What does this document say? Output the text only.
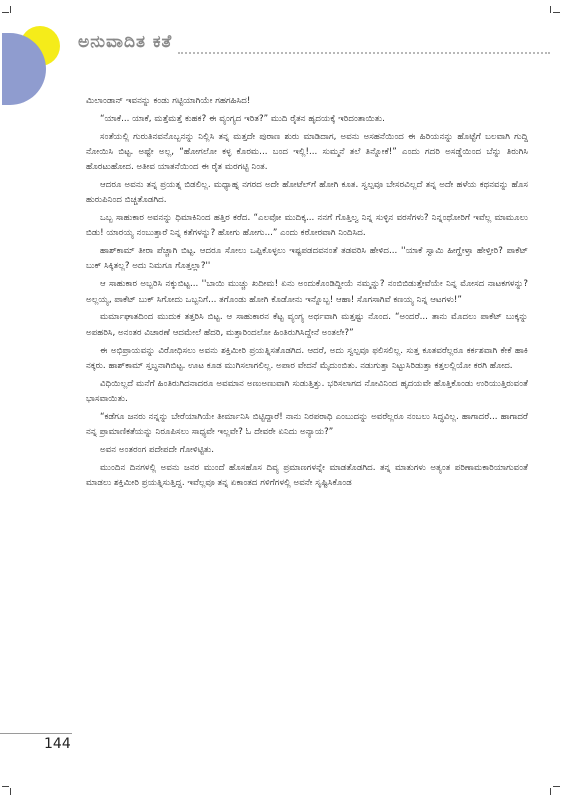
ಅನುವಾದಿತ ಕತೆ

ಮಿಲಾಂಡಾನ್ ಇವನನ್ನು ಕಂಡು ಗಟ್ಟಿಯಾಗಿಯೇ ಗಹಗಹಿಸಿದ!

“ಯಾಕೆ... ಯಾಕೆ, ಮತ್ತೆಮತ್ತೆ ಕುಹಕ? ಈ ವ್ಯಂಗ್ಯದ ಇರಿತ?” ಮುದಿ ರೈತನ ಹೃದಯಕ್ಕೆ ಇರಿದಂತಾಯಿತು.

ಸಂತೆಯಲ್ಲಿ ಗುರುತಿನವನೊಬ್ಬನನ್ನು ನಿಲ್ಲಿಸಿ ತನ್ನ ಮತ್ತದೇ ಪುರಾಣ ಶುರು ಮಾಡಿದಾಗ, ಅವನು ಅಸಹನೆಯಿಂದ ಈ ಹಿರಿಯನನ್ನು ಹೊಟ್ಟೆಗೆ ಬಲವಾಗಿ ಗುದ್ದಿ ನೋಯಿಸಿ ಬಿಟ್ಟ. ಅಷ್ಟೇ ಅಲ್ಲ, “ಹೋಗಲೋ ಕಳ್ಳ ಕೊರಮ... ಬಂದ ಇಲ್ಲಿ!... ಸುಮ್ಮನೆ ತಲೆ ತಿನ್ನೋಕೆ!” ಎಂದು ಗದರಿ ಅಸಡ್ಡೆಯಿಂದ ಬೆನ್ನು ತಿರುಗಿಸಿ ಹೊರಟುಹೋದ. ಅತೀವ ಯಾತನೆಯಿಂದ ಈ ರೈತ ಮರಗಟ್ಟಿ ನಿಂತ.

ಆದರೂ ಅವನು ತನ್ನ ಪ್ರಯತ್ನ ಬಿಡಲಿಲ್ಲ. ಮಧ್ಯಾಹ್ನ ನಗರದ ಅದೇ ಹೋಟೆಲ್‌ಗೆ ಹೋಗಿ ಕೂತ. ಸ್ವಲ್ಪವೂ ಬೇಸರವಿಲ್ಲದೆ ತನ್ನ ಅದೇ ಹಳೆಯ ಕಥನವನ್ನು ಹೊಸ ಹುರುಪಿನಿಂದ ಬಿಚ್ಚತೊಡಗಿದ.

ಒಬ್ಬ ಸಾಹುಕಾರ ಅವನನ್ನು ಧಿಮಾಕಿನಿಂದ ಹತ್ತಿರ ಕರೆದ. “ಎಲವೋ ಮುದಿಕ್ಕ... ನನಗೆ ಗೊತ್ತಿಲ್ವ ನಿನ್ನ ಸುಳ್ಳಿನ ವರಸೆಗಳು? ನಿನ್ನಂಥೋರಿಗೆ ಇವೆಲ್ಲ ಮಾಮೂಲು ಬಿಡು! ಯಾರಯ್ಯ ನಂಬುತ್ತಾರೆ ನಿನ್ನ ಕತೆಗಳನ್ನು? ಹೋಗು ಹೋಗು...” ಎಂದು ಕಠೋರವಾಗಿ ನಿಂದಿಸಿದ.

ಹಾಶ್‌ಕಾಮ್ ತೀರಾ ಪೆಚ್ಚಾಗಿ ಬಿಟ್ಟ. ಆದರೂ ಸೋಲು ಒಪ್ಪಿಕೊಳ್ಳಲು ಇಷ್ಟಪಡದವನಂತೆ ತಡವರಿಸಿ ಹೇಳಿದ... ''ಯಾಕೆ ಸ್ವಾಮಿ ಹೀಗ್ಹೇಳ್ತಾ ಹೇಳ್ತೀರಿ? ಪಾಕೆಟ್ ಬುಕ್ ಸಿಕ್ಕಿತಲ್ಲ? ಅದು ನಿಮಗೂ ಗೊತ್ತಲ್ಲಾ?''

ಆ ಸಾಹುಕಾರ ಅಬ್ಬರಿಸಿ ನಕ್ಕುಬಿಟ್ಟ... ''ಬಾಯಿ ಮುಚ್ಚು ಖದೀಮ! ಏನು ಅಂದುಕೊಂಡಿದ್ದೀಯೆ ನಮ್ಮನ್ನು? ನಂಬಿಬಿಡುತ್ತೇವೆಯೇ ನಿನ್ನ ಮೋಸದ ನಾಟಕಗಳನ್ನು? ಅಲ್ಲಯ್ಯ, ಪಾಕೆಟ್ ಬುಕ್ ಸಿಗೋದು ಒಬ್ಬನಿಗೆ... ತಗೊಂಡು ಹೋಗಿ ಕೊಡೋನು ಇನ್ನೊಬ್ಬ! ಆಹಾ! ಸೊಗಸಾಗಿವೆ ಕಣಯ್ಯ ನಿನ್ನ ಆಟಗಳು!”

ಮರ್ಮಾಘಾತದಿಂದ ಮುದುಕ ತತ್ತರಿಸಿ ಬಿಟ್ಟ. ಆ ಸಾಹುಕಾರನ ಕೆಟ್ಟ ವ್ಯಂಗ್ಯ ಅರ್ಥವಾಗಿ ಮತ್ತಷ್ಟು ನೊಂದ. “ಅಂದರೆ... ತಾನು ಮೊದಲು ಪಾಕೆಟ್ ಬುಕ್ಕನ್ನು ಅಪಹರಿಸಿ, ಅನಂತರ ವಿಚಾರಣೆ ಆದಮೇಲೆ ಹೆದರಿ, ಮತ್ತಾರಿಂದಲೋ ಹಿಂತಿರುಗಿಸಿದ್ದೇನೆ ಅಂತಲೇ?”

ಈ ಅಭಿಪ್ರಾಯವನ್ನು ವಿರೋಧಿಸಲು ಅವನು ಶಕ್ತಿಮೀರಿ ಪ್ರಯತ್ನಿಸತೊಡಗಿದ. ಆದರೆ, ಅದು ಸ್ವಲ್ಪವೂ ಫಲಿಸಲಿಲ್ಲ. ಸುತ್ತ ಕೂತವರೆಲ್ಲರೂ ಕರ್ಕಶವಾಗಿ ಕೇಕೆ ಹಾಕಿ ನಕ್ಕರು. ಹಾಶ್‌ಕಾಮ್ ಸ್ತಬ್ಧನಾಗಿಬಿಟ್ಟ. ಊಟ ಕೂಡ ಮುಗಿಸಲಾಗಲಿಲ್ಲ. ಅಪಾರ ವೇದನೆ ಮೈದುಂಬಿತು. ನಡುಗುತ್ತಾ ನಿಟ್ಟುಸಿರಿಡುತ್ತಾ ಕತ್ತಲಲ್ಲಿಯೋ ಕರಗಿ ಹೋದ.

ವಿಧಿಯಿಲ್ಲದೆ ಮನೆಗೆ ಹಿಂತಿರುಗಿದನಾದರೂ ಅವಮಾನ ಅಣುಅಣುವಾಗಿ ಸುಡುತ್ತಿತ್ತು. ಭರಿಸಲಾಗದ ನೋವಿನಿಂದ ಹೃದಯವೇ ಹೊತ್ತಿಕೊಂಡು ಉರಿಯುತ್ತಿರುವಂತೆ ಭಾಸವಾಯಿತು.

“ಕಡೆಗೂ ಜನರು ನನ್ನನ್ನು ಬೇರೆಯಾಗಿಯೇ ತೀರ್ಮಾನಿಸಿ ಬಿಟ್ಟಿದ್ದಾರೆ! ನಾನು ನಿರಪರಾಧಿ ಎಂಬುದನ್ನು ಅವರೆಲ್ಲರೂ ನಂಬಲು ಸಿದ್ಧವಿಲ್ಲ. ಹಾಗಾದರೆ... ಹಾಗಾದರೆ ನನ್ನ ಪ್ರಾಮಾಣಿಕತೆಯನ್ನು ನಿರೂಪಿಸಲು ಸಾಧ್ಯವೇ ಇಲ್ಲವೇ? ಓ ದೇವರೇ ಏನಿದು ಅನ್ಯಾಯ?”

ಅವನ ಅಂತರಂಗ ಪದೇಪದೇ ಗೋಳಿಟ್ಟಿತು.

ಮುಂದಿನ ದಿನಗಳಲ್ಲಿ ಅವನು ಜನರ ಮುಂದೆ ಹೊಸಹೊಸ ದಿವ್ಯ ಪ್ರಮಾಣಗಳನ್ನೇ ಮಾಡತೊಡಗಿದ. ತನ್ನ ಮಾತುಗಳು ಅತ್ಯಂತ ಪರಿಣಾಮಕಾರಿಯಾಗುವಂತೆ ಮಾಡಲು ಶಕ್ತಿಮೀರಿ ಪ್ರಯತ್ನಿಸುತ್ತಿದ್ದ. ಇವೆಲ್ಲವೂ ತನ್ನ ಏಕಾಂತದ ಗಳಿಗೆಗಳಲ್ಲಿ ಅವನೇ ಸೃಷ್ಟಿಸಿಕೊಂಡ

144
